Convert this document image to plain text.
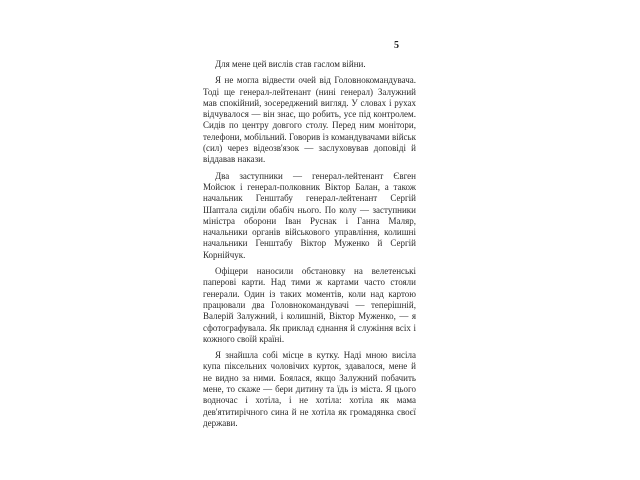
5

Для мене цей вислів став гаслом війни.

Я не могла відвести очей від Головнокомандувача. Тоді ще генерал-лейтенант (нині генерал) Залужний мав спокійний, зосереджений вигляд. У словах і рухах відчувалося — він знає, що робить, усе під контролем. Сидів по центру довгого столу. Перед ним монітори, телефони, мобільний. Говорив із командувачами військ (сил) через відеозв'язок — заслуховував доповіді й віддавав накази.

Два заступники — генерал-лейтенант Євген Мойсюк і генерал-полковник Віктор Балан, а також начальник Генштабу генерал-лейтенант Сергій Шаптала сиділи обабіч нього. По колу — заступники міністра оборони Іван Руснак і Ганна Маляр, начальники органів військового управління, колишні начальники Генштабу Віктор Муженко й Сергій Корнійчук.

Офіцери наносили обстановку на велетенські паперові карти. Над тими ж картами часто стояли генерали. Один із таких моментів, коли над картою працювали два Головнокомандувачі — теперішній, Валерій Залужний, і колишній, Віктор Муженко, — я сфотографувала. Як приклад єднання й служіння всіх і кожного своїй країні.

Я знайшла собі місце в кутку. Наді мною висіла купа піксельних чоловічих курток, здавалося, мене й не видно за ними. Боялася, якщо Залужний побачить мене, то скаже — бери дитину та їдь із міста. Я цього водночас і хотіла, і не хотіла: хотіла як мама дев'ятитирічного сина й не хотіла як громадянка своєї держави.
